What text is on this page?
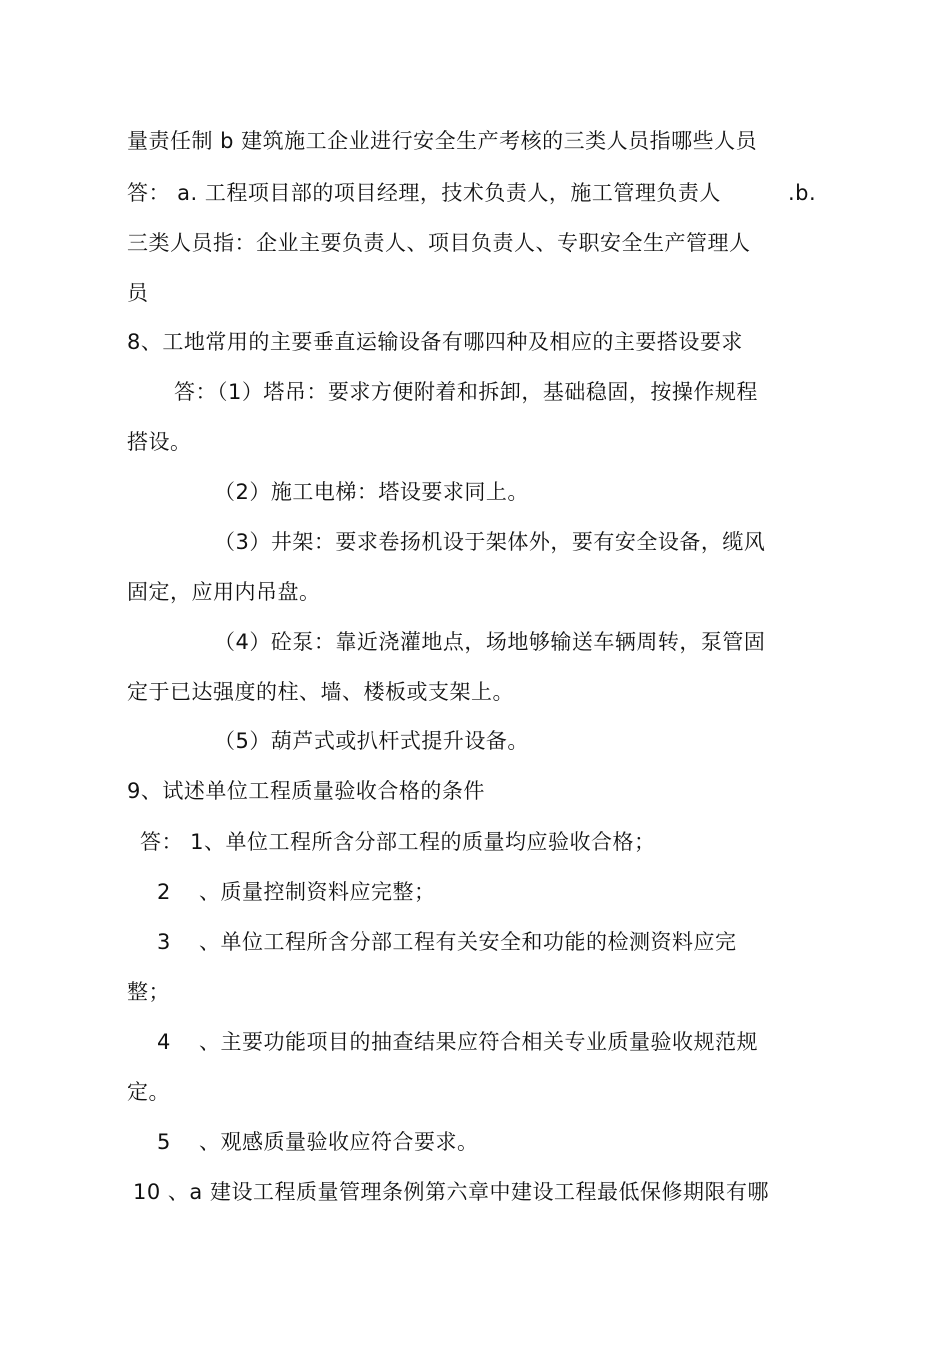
量责任制 b 建筑施工企业进行安全生产考核的三类人员指哪些人员
答： a. 工程项目部的项目经理，技术负责人，施工管理负责人	.b.
三类人员指：企业主要负责人、项目负责人、专职安全生产管理人
员
8、工地常用的主要垂直运输设备有哪四种及相应的主要搭设要求
答：（1）塔吊：要求方便附着和拆卸，基础稳固，按操作规程
搭设。
（2）施工电梯：塔设要求同上。
（3）井架：要求卷扬机设于架体外，要有安全设备，缆风
固定，应用内吊盘。
（4）砼泵：靠近浇灌地点，场地够输送车辆周转，泵管固
定于已达强度的柱、墙、楼板或支架上。
（5）葫芦式或扒杆式提升设备。
9、试述单位工程质量验收合格的条件
答： 1、单位工程所含分部工程的质量均应验收合格；
2 、质量控制资料应完整；
3 、单位工程所含分部工程有关安全和功能的检测资料应完
整；
4 、主要功能项目的抽查结果应符合相关专业质量验收规范规
定。
5 、观感质量验收应符合要求。
10 、a 建设工程质量管理条例第六章中建设工程最低保修期限有哪
